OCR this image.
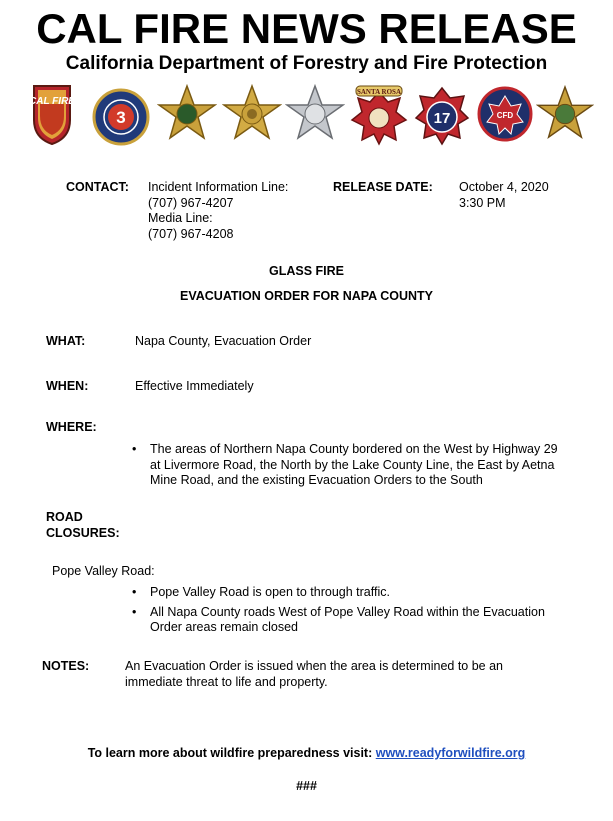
CAL FIRE NEWS RELEASE
California Department of Forestry and Fire Protection
CAL FIRE
3
SANTA ROSA
17	CFD
CONTACT: Incident Information Line:
(707) 967-4207
Media Line:
(707) 967-4208
RELEASE DATE: October 4, 2020
3:30 PM
GLASS FIRE
EVACUATION ORDER FOR NAPA COUNTY
WHAT:	Napa County, Evacuation Order
WHEN:	Effective Immediately
WHERE:
• The areas of Northern Napa County bordered on the West by Highway 29 at Livermore Road, the North by the Lake County Line, the East by Aetna Mine Road, and the existing Evacuation Orders to the South
ROAD
CLOSURES:
Pope Valley Road:
• Pope Valley Road is open to through traffic.
• All Napa County roads West of Pope Valley Road within the Evacuation Order areas remain closed
NOTES:	An Evacuation Order is issued when the area is determined to be an immediate threat to life and property.
To learn more about wildfire preparedness visit: www.readyforwildfire.org
###
